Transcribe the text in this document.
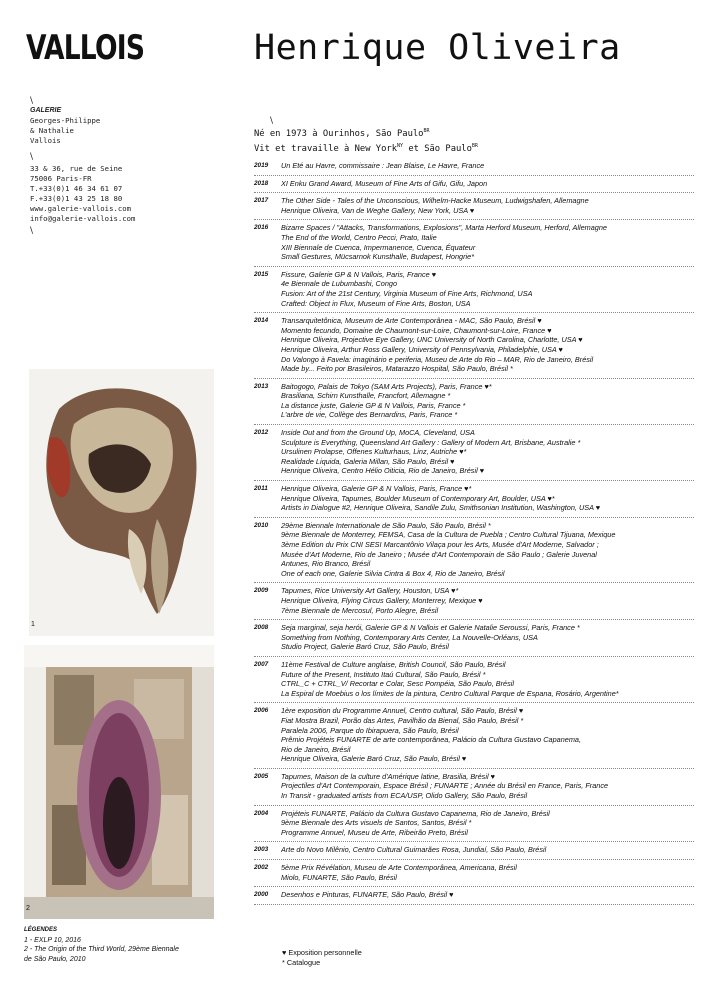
VALLOIS	Henrique Oliveira
\
GALERIE
Georges-Philippe
& Nathalie
Vallois
\
33 & 36, rue de Seine
75006 Paris-FR
T.+33(0)1 46 34 61 07
F.+33(0)1 43 25 18 80
www.galerie-vallois.com
info@galerie-vallois.com
\
\
Né en 1973 à Ourinhos, São Paulo$^{BR}$
Vit et travaille à New York$^{NY}$ et São Paulo$^{BR}$
2019	Un Eté au Havre, commissaire : Jean Blaise, Le Havre, France
2018	XI Enku Grand Award, Museum of Fine Arts of Gifu, Gifu, Japon
2017	The Other Side - Tales of the Unconscious, Wilhelm-Hacke Museum, Ludwigshafen, Allemagne
Henrique Oliveira, Van de Weghe Gallery, New York, USA ♥
2016	Bizarre Spaces / "Attacks, Transformations, Explosions", Marta Herford Museum, Herford, Allemagne
The End of the World, Centro Pecci, Prato, Italie
XIII Biennale de Cuenca, Impermanence, Cuenca, Équateur
Small Gestures, Mücsarnok Kunsthalle, Budapest, Hongrie*
2015	Fissure, Galerie GP & N Vallois, Paris, France ♥
4e Biennale de Lubumbashi, Congo
Fusion: Art of the 21st Century, Virginia Museum of Fine Arts, Richmond, USA
Crafted: Object in Flux, Museum of Fine Arts, Boston, USA
2014	Transarquitetônica, Museum de Arte Contemporânea - MAC, São Paulo, Brésil ♥
Momento fecundo, Domaine de Chaumont-sur-Loire, Chaumont-sur-Loire, France ♥
Henrique Oliveira, Projective Eye Gallery, UNC University of North Carolina, Charlotte, USA ♥
Henrique Oliveira, Arthur Ross Gallery, University of Pennsylvania, Philadelphie, USA ♥
Do Valongo à Favela: imaginário e periferia, Museu de Arte do Rio – MAR, Rio de Janeiro, Brésil
Made by... Feito por Brasileiros, Matarazzo Hospital, São Paulo, Brésil *
2013	Baitogogo, Palais de Tokyo (SAM Arts Projects), Paris, France ♥*
Brasiliana, Schirn Kunsthalle, Francfort, Allemagne *
La distance juste, Galerie GP & N Vallois, Paris, France *
L'arbre de vie, Collège des Bernardins, Paris, France *
2012	Inside Out and from the Ground Up, MoCA, Cleveland, USA
Sculpture is Everything, Queensland Art Gallery : Gallery of Modern Art, Brisbane, Australie *
Ursulinen Prolapse, Offenes Kulturhaus, Linz, Autriche ♥*
Realidade Liquida, Galeria Millan, São Paulo, Brésil ♥
Henrique Oliveira, Centro Hélio Oiticia, Rio de Janeiro, Brésil ♥
2011	Henrique Oliveira, Galerie GP & N Vallois, Paris, France ♥*
Henrique Oliveira, Tapumes, Boulder Museum of Contemporary Art, Boulder, USA ♥*
Artists in Dialogue #2, Henrique Oliveira, Sandile Zulu, Smithsonian Institution, Washington, USA ♥
2010	29ème Biennale Internationale de São Paulo, São Paulo, Brésil *
9ème Biennale de Monterrey, FEMSA, Casa de la Cultura de Puebla ; Centro Cultural Tijuana, Mexique
3ème Edition du Prix CNI SESI Marcantônio Vilaça pour les Arts, Musée d'Art Moderne, Salvador ;
Musée d'Art Moderne, Rio de Janeiro ; Musée d'Art Contemporain de São Paulo ; Galerie Juvenal
Antunes, Rio Branco, Brésil
One of each one, Galerie Silvia Cintra & Box 4, Rio de Janeiro, Brésil
2009	Tapumes, Rice University Art Gallery, Houston, USA ♥*
Henrique Oliveira, Flying Circus Gallery, Monterrey, Mexique ♥
7ème Biennale de Mercosul, Porto Alegre, Brésil
2008	Seja marginal, seja herói, Galerie GP & N Vallois et Galerie Natalie Seroussi, Paris, France *
Something from Nothing, Contemporary Arts Center, La Nouvelle-Orléans, USA
Studio Project, Galerie Baró Cruz, São Paulo, Brésil
2007	11ème Festival de Culture anglaise, British Council, São Paulo, Brésil
Future of the Present, Instituto Itaú Cultural, São Paulo, Brésil *
CTRL_C + CTRL_V/ Recortar e Colar, Sesc Pompéia, São Paulo, Brésil
La Espiral de Moebius o los límites de la pintura, Centro Cultural Parque de Espana, Rosário, Argentine*
2006	1ère exposition du Programme Annuel, Centro cultural, São Paulo, Brésil ♥
Fiat Mostra Brazil, Porão das Artes, Pavilhão da Bienal, São Paulo, Brésil *
Paralela 2006, Parque do Ibirapuera, São Paulo, Brésil
Prêmio Projéteis FUNARTE de arte contemporânea, Palácio da Cultura Gustavo Capanema,
Rio de Janeiro, Brésil
Henrique Oliveira, Galerie Baró Cruz, São Paulo, Brésil ♥
2005	Tapumes, Maison de la culture d'Amérique latine, Brasilia, Brésil ♥
Projectiles d'Art Contemporain, Espace Brésil ; FUNARTE ; Année du Brésil en France, Paris, France
In Transit - graduated artists from ECA/USP, Olido Gallery, São Paulo, Brésil
2004	Projéteis FUNARTE, Palácio da Cultura Gustavo Capanema, Rio de Janeiro, Brésil
9ème Biennale des Arts visuels de Santos, Santos, Brésil *
Programme Annuel, Museu de Arte, Ribeirão Preto, Brésil
2003	Arte do Novo Milênio, Centro Cultural Guimarães Rosa, Jundiaí, São Paulo, Brésil
2002	5ème Prix Révélation, Museu de Arte Contemporânea, Americana, Brésil
Miolo, FUNARTE, São Paulo, Brésil
2000	Desenhos e Pinturas, FUNARTE, São Paulo, Brésil ♥
1
2
LÉGENDES
1 - EXLP 10, 2016
2 - The Origin of the Third World, 29ème Biennale
de São Paulo, 2010
♥ Exposition personnelle
* Catalogue
